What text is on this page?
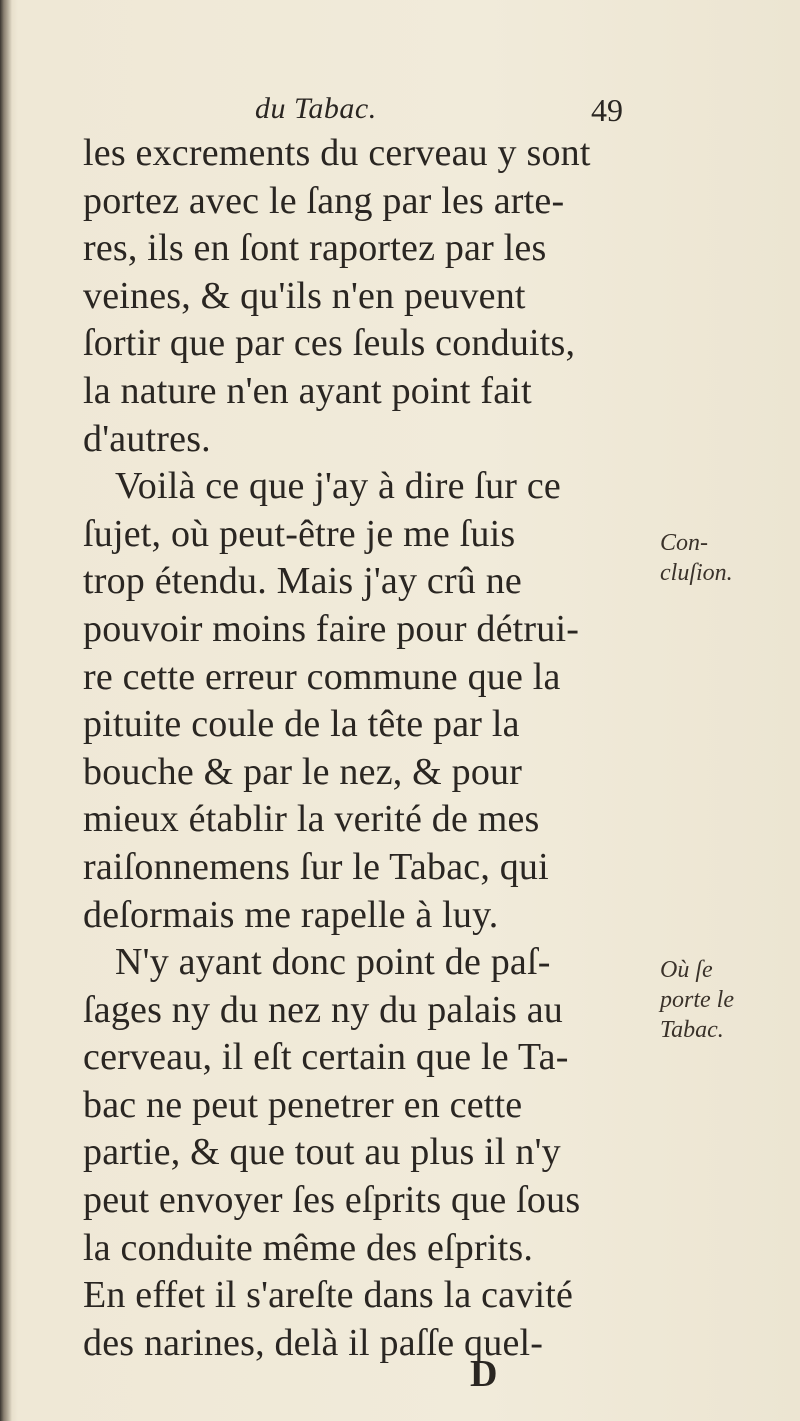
du Tabac.	49
les excrements du cerveau y sont
portez avec le ſang par les arte-
res, ils en ſont raportez par les
veines, & qu'ils n'en peuvent
ſortir que par ces ſeuls conduits,
la nature n'en ayant point fait
d'autres.
Voilà ce que j'ay à dire ſur ce
ſujet, où peut-être je me ſuis
trop étendu. Mais j'ay crû ne
pouvoir moins faire pour détrui-
re cette erreur commune que la
pituite coule de la tête par la
bouche & par le nez, & pour
mieux établir la verité de mes
raiſonnemens ſur le Tabac, qui
deſormais me rapelle à luy.
N'y ayant donc point de paſ-
ſages ny du nez ny du palais au
cerveau, il eſt certain que le Ta-
bac ne peut penetrer en cette
partie, & que tout au plus il n'y
peut envoyer ſes eſprits que ſous
la conduite même des eſprits.
En effet il s'areſte dans la cavité
des narines, delà il paſſe quel-
Con-
cluſion.
Où ſe
porte le
Tabac.
D
